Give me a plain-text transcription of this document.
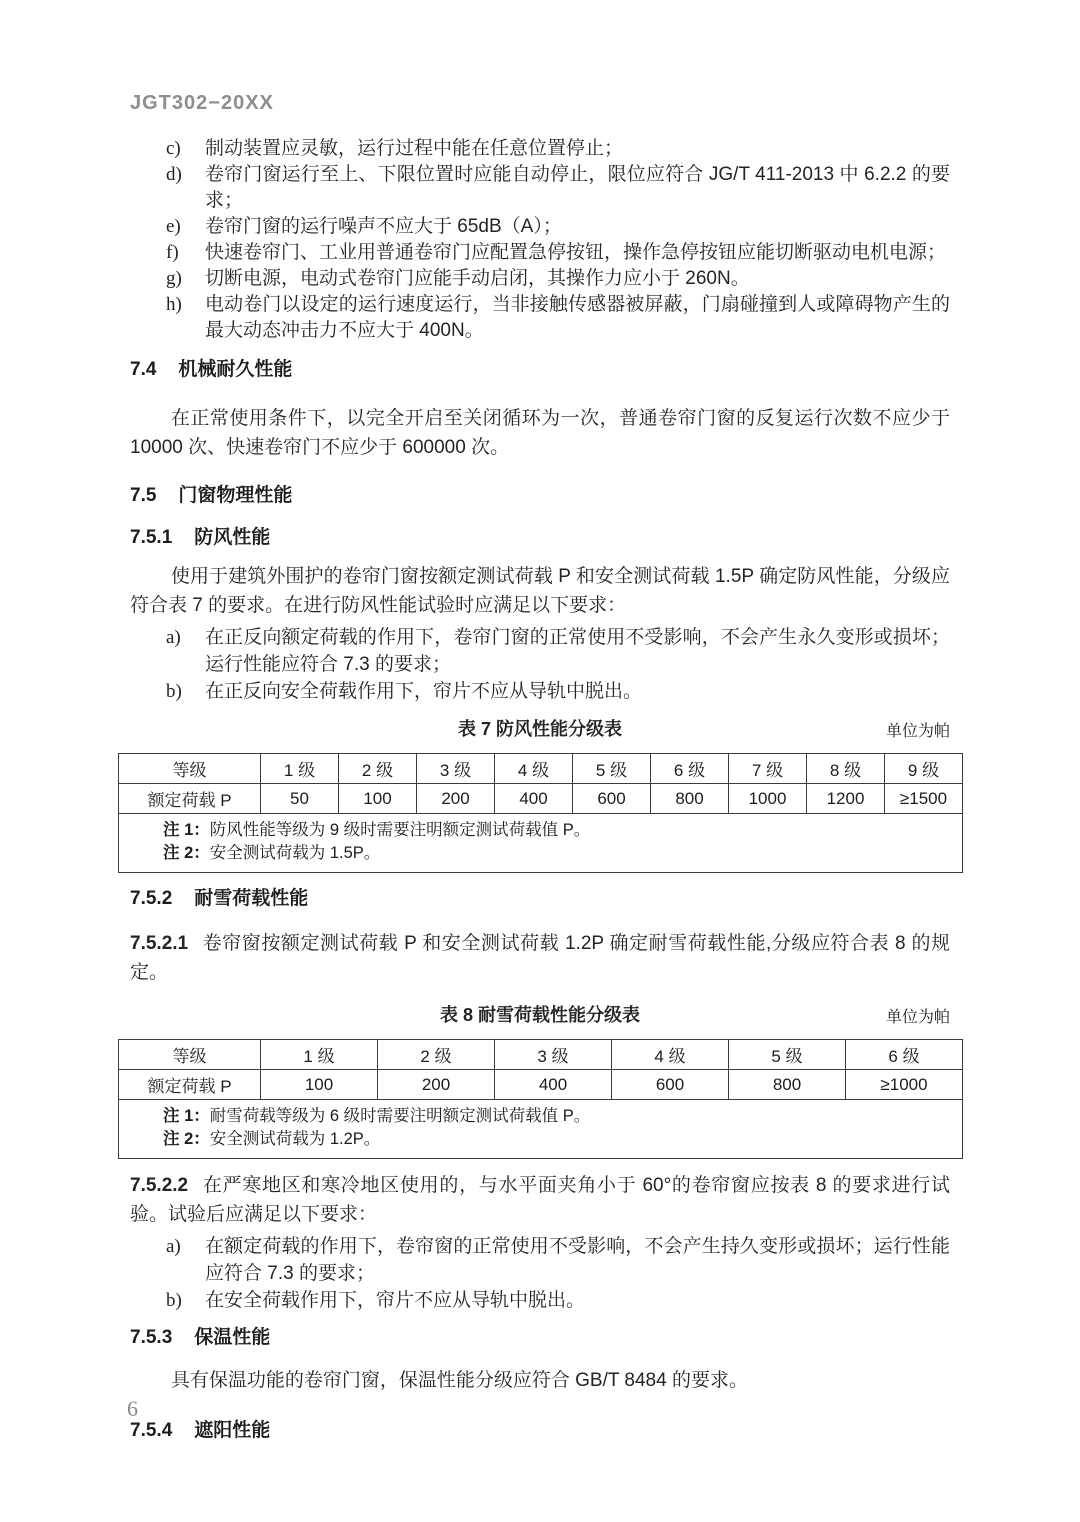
JGT302−20XX
c) 制动装置应灵敏，运行过程中能在任意位置停止；
d) 卷帘门窗运行至上、下限位置时应能自动停止，限位应符合 JG/T 411-2013 中 6.2.2 的要求；
e) 卷帘门窗的运行噪声不应大于 65dB（A）；
f) 快速卷帘门、工业用普通卷帘门应配置急停按钮，操作急停按钮应能切断驱动电机电源；
g) 切断电源，电动式卷帘门应能手动启闭，其操作力应小于 260N。
h) 电动卷门以设定的运行速度运行，当非接触传感器被屏蔽，门扇碰撞到人或障碍物产生的最大动态冲击力不应大于 400N。
7.4 机械耐久性能

在正常使用条件下，以完全开启至关闭循环为一次，普通卷帘门窗的反复运行次数不应少于 10000 次、快速卷帘门不应少于 600000 次。

7.5 门窗物理性能
7.5.1 防风性能

使用于建筑外围护的卷帘门窗按额定测试荷载 P 和安全测试荷载 1.5P 确定防风性能，分级应符合表 7 的要求。在进行防风性能试验时应满足以下要求：

a) 在正反向额定荷载的作用下，卷帘门窗的正常使用不受影响，不会产生永久变形或损坏；运行性能应符合 7.3 的要求；
b) 在正反向安全荷载作用下，帘片不应从导轨中脱出。
表 7 防风性能分级表	单位为帕
等级	1 级	2 级	3 级	4 级	5 级	6 级	7 级	8 级	9 级
额定荷载 P	50	100	200	400	600	800	1000	1200	≥1500

注 1：防风性能等级为 9 级时需要注明额定测试荷载值 P。
注 2：安全测试荷载为 1.5P。									
7.5.2 耐雪荷载性能

7.5.2.1 卷帘窗按额定测试荷载 P 和安全测试荷载 1.2P 确定耐雪荷载性能,分级应符合表 8 的规定。

表 8 耐雪荷载性能分级表	单位为帕
等级	1 级	2 级	3 级	4 级	5 级	6 级
额定荷载 P	100	200	400	600	800	≥1000

注 1：耐雪荷载等级为 6 级时需要注明额定测试荷载值 P。
注 2：安全测试荷载为 1.2P。						

7.5.2.2 在严寒地区和寒冷地区使用的，与水平面夹角小于 60°的卷帘窗应按表 8 的要求进行试验。试验后应满足以下要求：

a) 在额定荷载的作用下，卷帘窗的正常使用不受影响，不会产生持久变形或损坏；运行性能应符合 7.3 的要求；
b) 在安全荷载作用下，帘片不应从导轨中脱出。
7.5.3 保温性能

具有保温功能的卷帘门窗，保温性能分级应符合 GB/T 8484 的要求。

7.5.4 遮阳性能
6
